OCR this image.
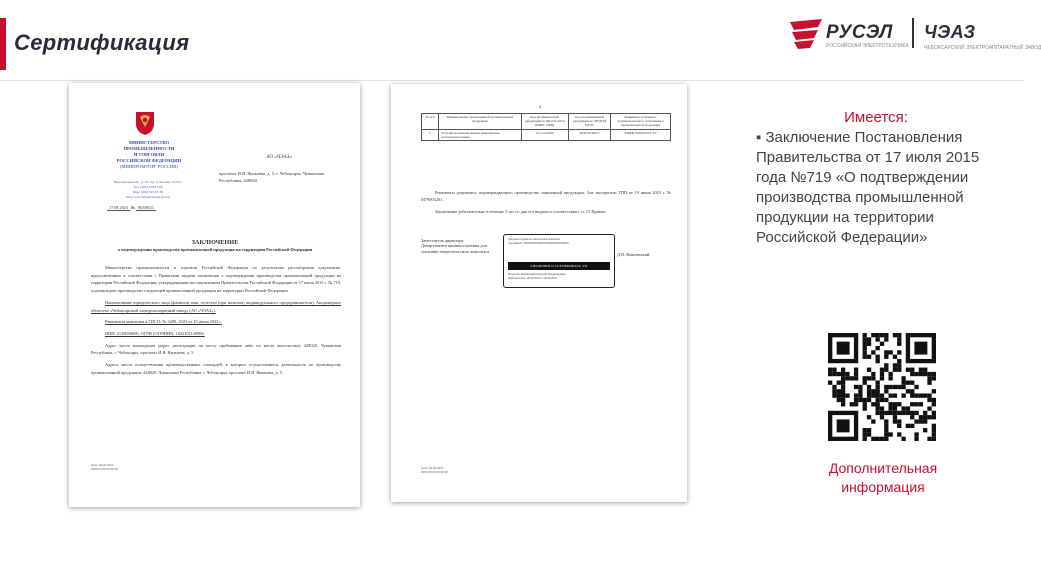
Сертификация	РУСЭЛ
РОССИЙСКАЯ ЭЛЕКТРОТЕХНИКА
ЧЭАЗ
ЧЕБОКСАРСКИЙ ЭЛЕКТРОАППАРАТНЫЙ ЗАВОД
МИНИСТЕРСТВО
ПРОМЫШЛЕННОСТИ
И ТОРГОВЛИ
РОССИЙСКОЙ ФЕДЕРАЦИИ
(МИНПРОМТОРГ РОССИИ)
Пресненская наб., д. 10, стр. 2, Москва, 123317
Тел. (495) 539-21-66
Факс (495) 547-87-83
http://www.minpromtorg.gov.ru
17.08.2023 № 86398/21
АО «ЧЭАЗ»
проспект И.Я. Яковлева, д. 5, г. Чебоксары, Чувашская Республика, 428020
ЗАКЛЮЧЕНИЕ
о подтверждении производства промышленной продукции на территории Российской Федерации

Министерство промышленности и торговли Российской Федерации по результатам рассмотрения документов, представленных в соответствии с Правилами выдачи заключения о подтверждении производства промышленной продукции на территории Российской Федерации, утвержденными постановлением Правительства Российской Федерации от 17 июля 2015 г. № 719, подтверждает производство следующей промышленной продукции на территории Российской Федерации

Наименование юридического лица (фамилия, имя, отчество (при наличии) индивидуального предпринимателя): Акционерное общество «Чебоксарский электроаппаратный завод» (АО «ЧЭАЗ»).

Реквизиты заявления в ГИСП: № 3289, 2023 от 15 июня 2023 г.

ИНН: 2128000600, ОГРН (ОГРНИП): 1022101129906.

Адрес места нахождения (адрес регистрации по месту пребывания либо по месту жительства): 428020, Чувашская Республика, г. Чебоксары, проспект И.Я. Яковлева, д. 5.

Адреса места осуществления производственных площадей, в которых осуществляется деятельность по производству промышленной продукции: 428020, Чувашская Республика, г. Чебоксары, проспект И.Я. Яковлева, д. 5.

Дата: 00.00.2023
0000-00-00 00:00:00
2
№ п/п	Наименование производимой промышленной продукции	Код промышленной продукции по ОК 034-2014 (КПЕС 2008)	Код промышленной продукции по ТН ВЭД ЕАЭС	Реквизиты документа, подтверждающего требования к промышленной продукции
1.	Устройства низковольтные комплектные распределительные	27.12.22.000	8536 20 900 0	ЕКИЖ 643000.001 ТУ

Реквизиты документа, подтверждающего производство заявленной продукции: Акт экспертизы ТПП от 19 июня 2023 г. № М79003201.

Заключение действительно в течение 3 лет со дня его выдачи в соответствии с п. 15 Правил.

Заместитель директора
Департамента машиностроения для
топливно-энергетического комплекса
Документ подписан электронной подписью
Сертификат: 00000000000000000000000000000000
СВЕДЕНИЯ О СЕРТИФИКАТЕ ЭП
Владелец: Ковшевский Дмитрий Владимирович
Действителен с 00.00.2023 по 00.00.2024
Д.В. Ковшевский
Дата: 00.00.2023
0000-00-00 00:00:00
Имеется:
▪ Заключение Постановления Правительства от 17 июля 2015 года №719 «О подтверждении производства промышленной продукции на территории Российской Федерации»
Дополнительная информация
